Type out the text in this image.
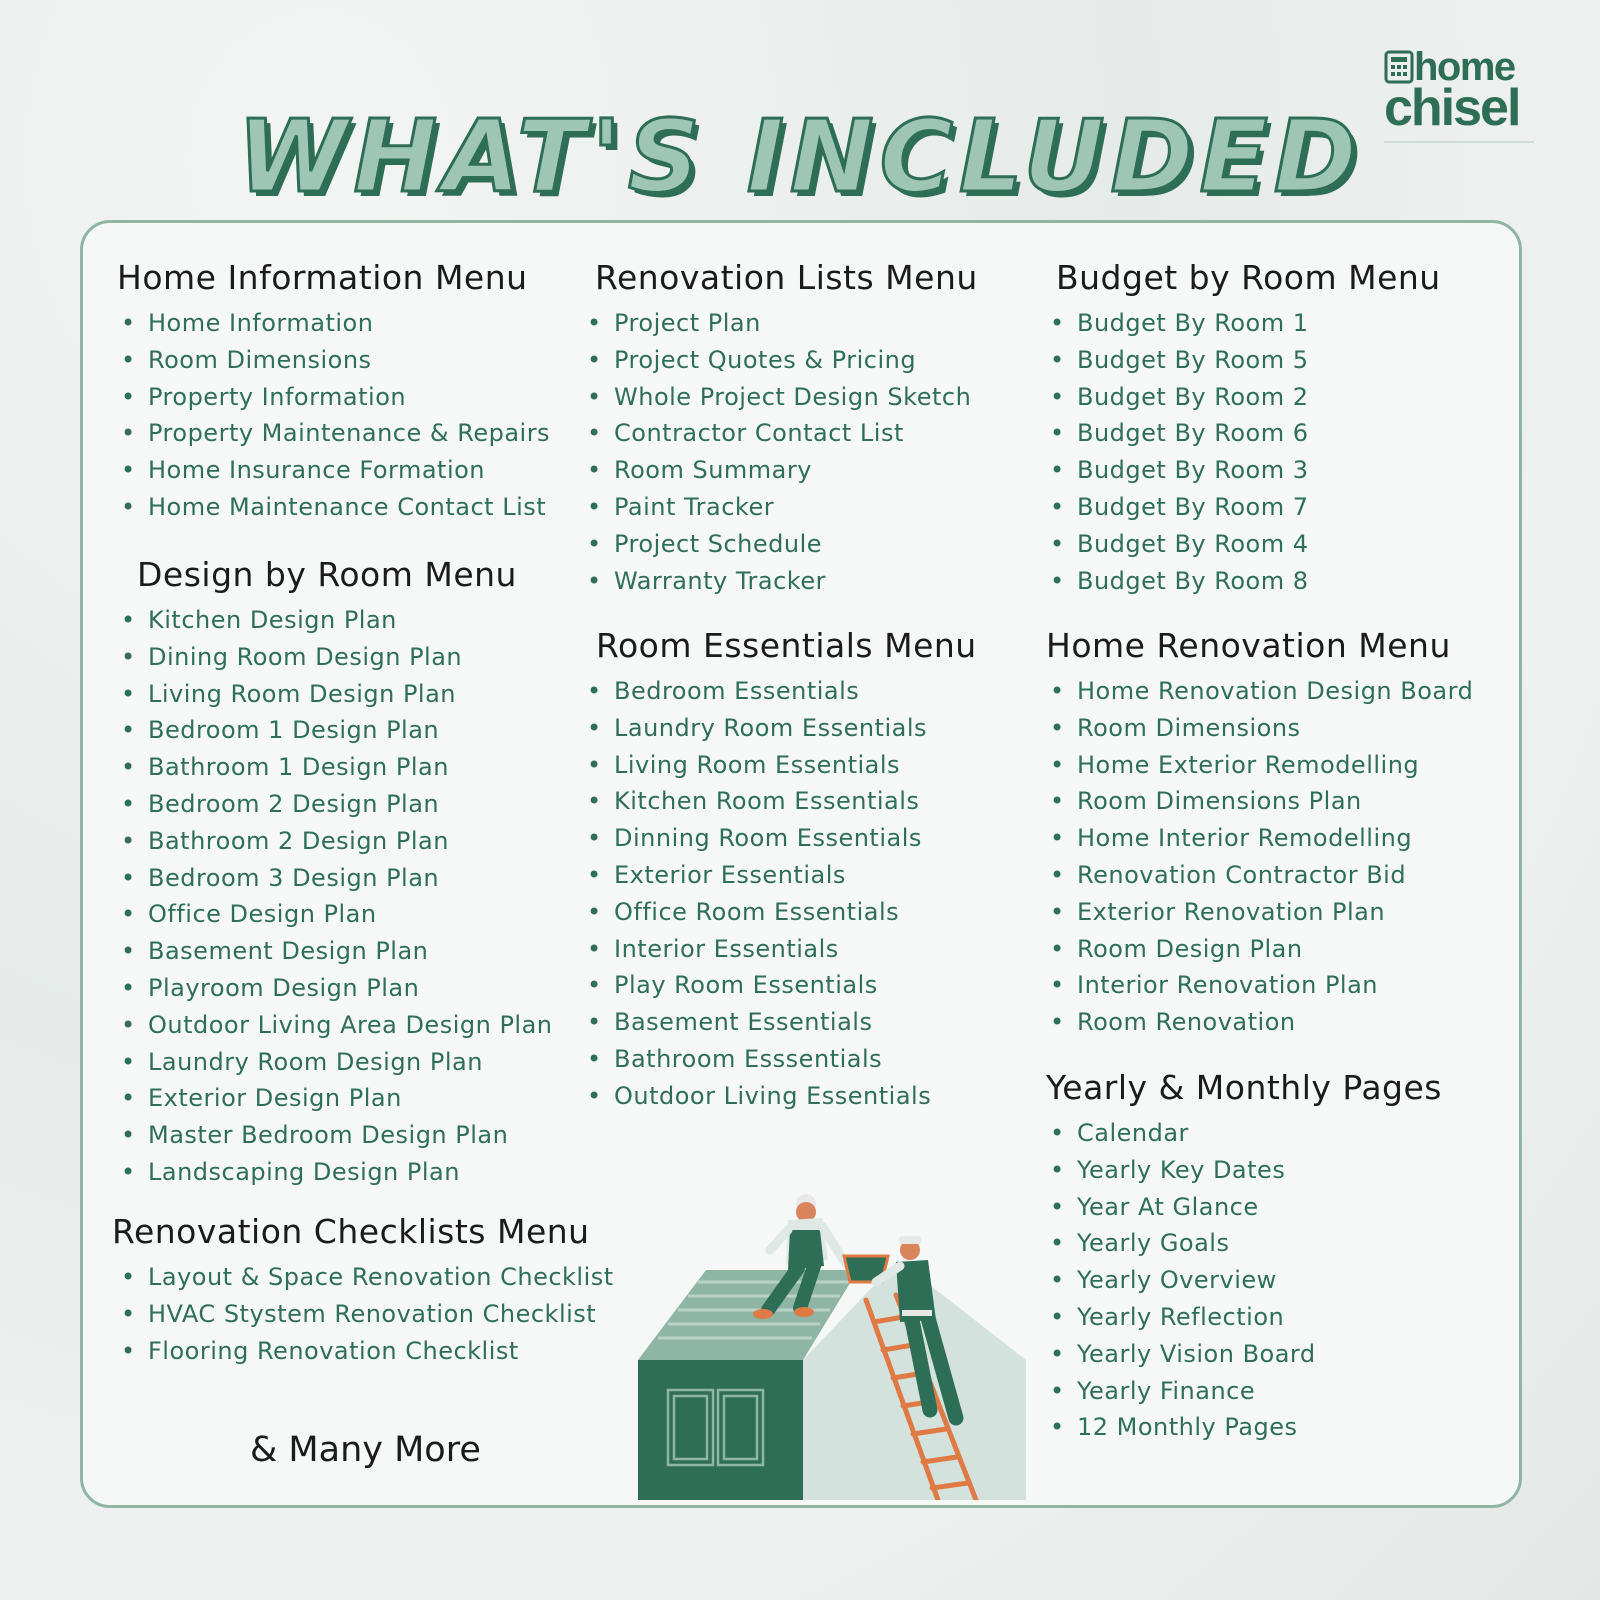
home
chisel
WHAT'S INCLUDED
Home Information Menu
• Home Information
• Room Dimensions
• Property Information
• Property Maintenance & Repairs
• Home Insurance Formation
• Home Maintenance Contact List
Design by Room Menu
• Kitchen Design Plan
• Dining Room Design Plan
• Living Room Design Plan
• Bedroom 1 Design Plan
• Bathroom 1 Design Plan
• Bedroom 2 Design Plan
• Bathroom 2 Design Plan
• Bedroom 3 Design Plan
• Office Design Plan
• Basement Design Plan
• Playroom Design Plan
• Outdoor Living Area Design Plan
• Laundry Room Design Plan
• Exterior Design Plan
• Master Bedroom Design Plan
• Landscaping Design Plan
Renovation Checklists Menu
• Layout & Space Renovation Checklist
• HVAC Stystem Renovation Checklist
• Flooring Renovation Checklist
& Many More
Renovation Lists Menu
• Project Plan
• Project Quotes & Pricing
• Whole Project Design Sketch
• Contractor Contact List
• Room Summary
• Paint Tracker
• Project Schedule
• Warranty Tracker
Room Essentials Menu
• Bedroom Essentials
• Laundry Room Essentials
• Living Room Essentials
• Kitchen Room Essentials
• Dinning Room Essentials
• Exterior Essentials
• Office Room Essentials
• Interior Essentials
• Play Room Essentials
• Basement Essentials
• Bathroom Esssentials
• Outdoor Living Essentials
Budget by Room Menu
• Budget By Room 1
• Budget By Room 5
• Budget By Room 2
• Budget By Room 6
• Budget By Room 3
• Budget By Room 7
• Budget By Room 4
• Budget By Room 8
Home Renovation Menu
• Home Renovation Design Board
• Room Dimensions
• Home Exterior Remodelling
• Room Dimensions Plan
• Home Interior Remodelling
• Renovation Contractor Bid
• Exterior Renovation Plan
• Room Design Plan
• Interior Renovation Plan
• Room Renovation
Yearly & Monthly Pages
• Calendar
• Yearly Key Dates
• Year At Glance
• Yearly Goals
• Yearly Overview
• Yearly Reflection
• Yearly Vision Board
• Yearly Finance
• 12 Monthly Pages
